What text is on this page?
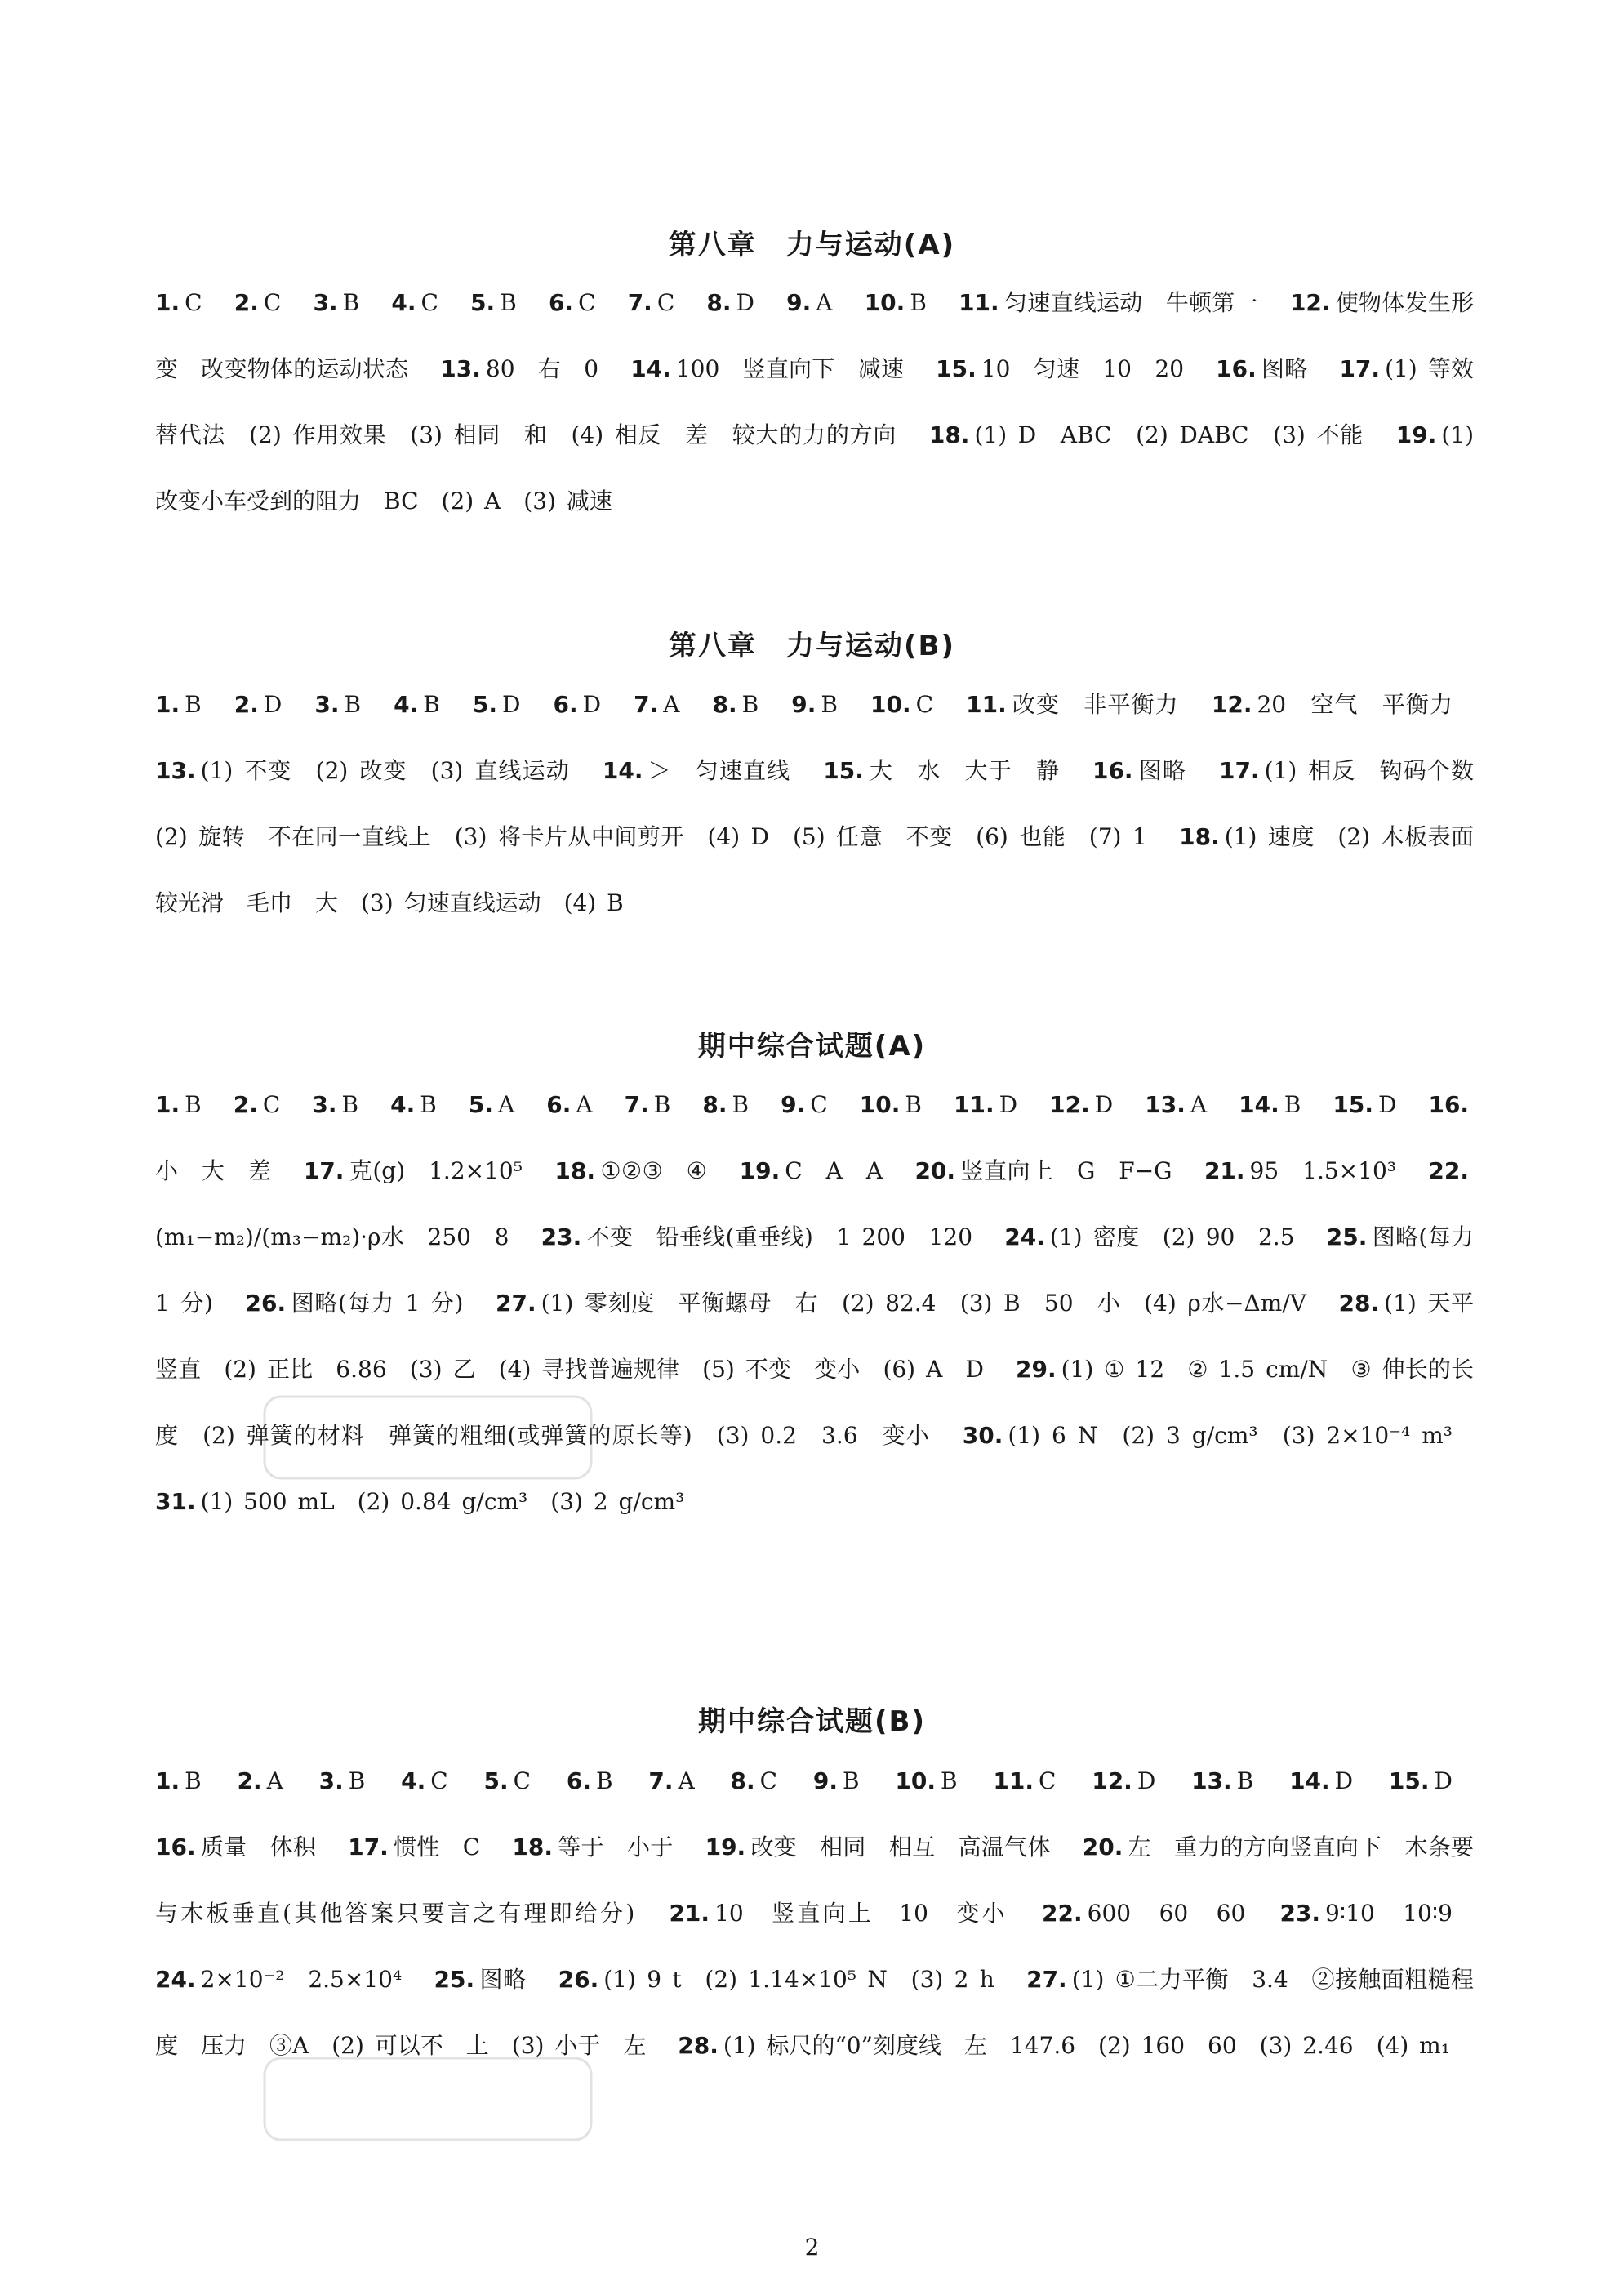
第八章　力与运动(A)
1. C 2. C 3. B 4. C 5. B 6. C 7. C 8. D 9. A 10. B 11. 匀速直线运动　牛顿第一 12. 使物体发生形变　改变物体的运动状态 13. 80　右　0 14. 100　竖直向下　减速 15. 10　匀速　10　20 16. 图略 17. (1) 等效替代法　(2) 作用效果　(3) 相同　和　(4) 相反　差　较大的力的方向 18. (1) D　ABC　(2) DABC　(3) 不能 19. (1) 改变小车受到的阻力　BC　(2) A　(3) 减速
第八章　力与运动(B)
1. B 2. D 3. B 4. B 5. D 6. D 7. A 8. B 9. B 10. C 11. 改变　非平衡力 12. 20　空气　平衡力 13. (1) 不变　(2) 改变　(3) 直线运动 14. ＞　匀速直线 15. 大　水　大于　静 16. 图略 17. (1) 相反　钩码个数　(2) 旋转　不在同一直线上　(3) 将卡片从中间剪开　(4) D　(5) 任意　不变　(6) 也能　(7) 1 18. (1) 速度　(2) 木板表面较光滑　毛巾　大　(3) 匀速直线运动　(4) B
期中综合试题(A)
1. B 2. C 3. B 4. B 5. A 6. A 7. B 8. B 9. C 10. B 11. D 12. D 13. A 14. B 15. D 16.小　大　差 17. 克(g)　1.2×10⁵ 18. ①②③　④ 19. C　A　A 20. 竖直向上　G　F−G 21. 95　1.5×10³ 22.(m₁−m₂)/(m₃−m₂)·ρ水　250　8 23. 不变　铅垂线(重垂线)　1 200　120 24. (1) 密度　(2) 90　2.5 25. 图略(每力 1 分) 26. 图略(每力 1 分) 27. (1) 零刻度　平衡螺母　右　(2) 82.4　(3) B　50　小　(4) ρ水−Δm/V 28. (1) 天平　竖直　(2) 正比　6.86　(3) 乙　(4) 寻找普遍规律　(5) 不变　变小　(6) A　D 29. (1) ① 12　② 1.5 cm/N　③ 伸长的长度　(2) 弹簧的材料　弹簧的粗细(或弹簧的原长等)　(3) 0.2　3.6　变小 30. (1) 6 N　(2) 3 g/cm³　(3) 2×10⁻⁴ m³ 31. (1) 500 mL　(2) 0.84 g/cm³　(3) 2 g/cm³
期中综合试题(B)
1. B 2. A 3. B 4. C 5. C 6. B 7. A 8. C 9. B 10. B 11. C 12. D 13. B 14. D 15. D 16. 质量　体积 17. 惯性　C 18. 等于　小于 19. 改变　相同　相互　高温气体 20. 左　重力的方向竖直向下　木条要与木板垂直(其他答案只要言之有理即给分) 21. 10　竖直向上　10　变小 22. 600　60　60 23. 9∶10　10∶9 24. 2×10⁻²　2.5×10⁴ 25. 图略 26. (1) 9 t　(2) 1.14×10⁵ N　(3) 2 h 27. (1) ①二力平衡　3.4　②接触面粗糙程度　压力　③A　(2) 可以不　上　(3) 小于　左 28. (1) 标尺的“0”刻度线　左　147.6　(2) 160　60　(3) 2.46　(4) m₁
2
